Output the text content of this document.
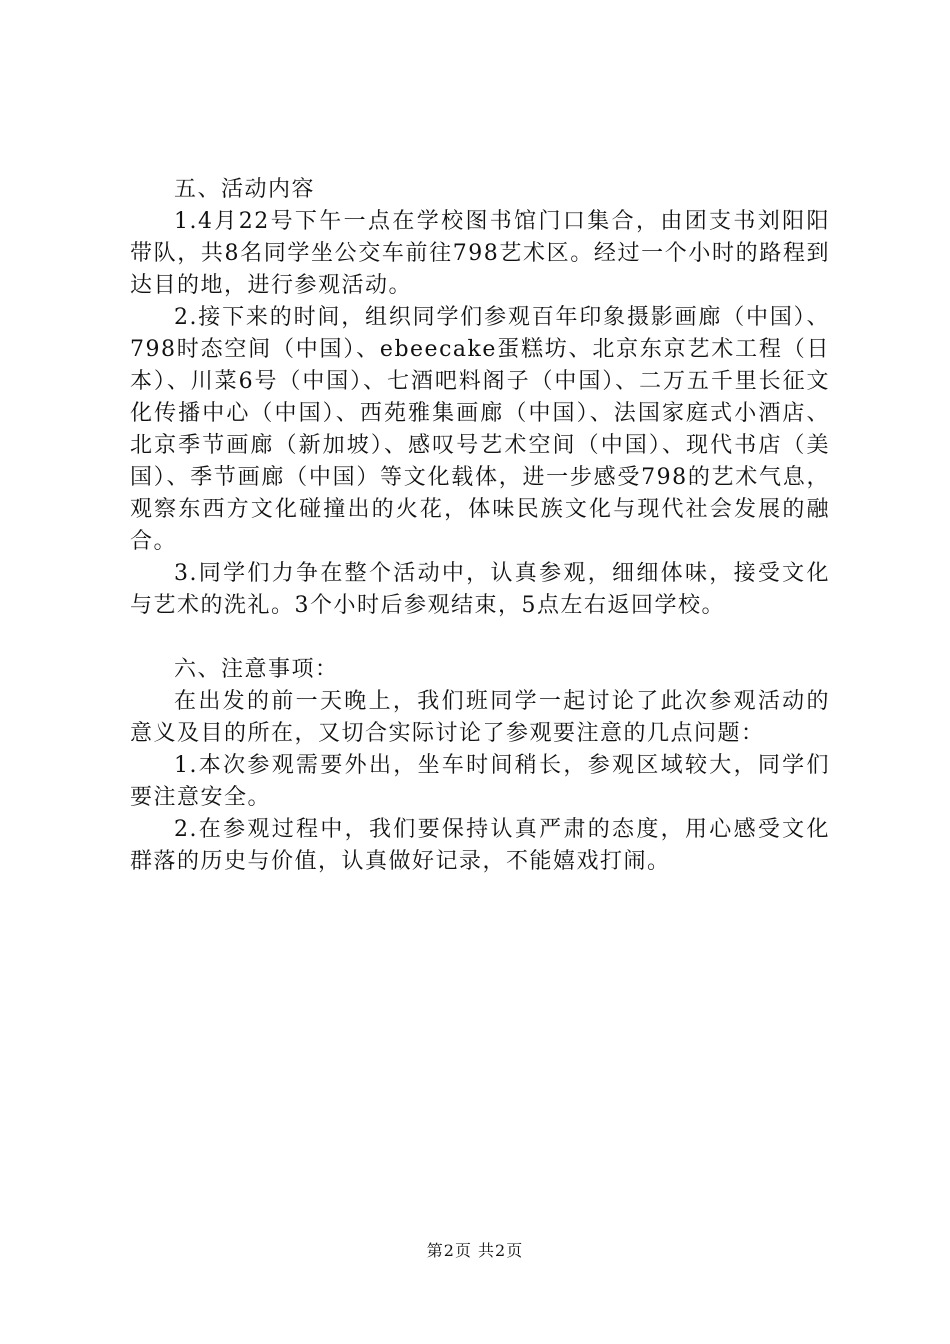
五、活动内容

1.4月22号下午一点在学校图书馆门口集合，由团支书刘阳阳带队，共8名同学坐公交车前往798艺术区。经过一个小时的路程到达目的地，进行参观活动。

2.接下来的时间，组织同学们参观百年印象摄影画廊（中国）、798时态空间（中国）、ebeecake蛋糕坊、北京东京艺术工程（日本）、川菜6号（中国）、七酒吧料阁子（中国）、二万五千里长征文化传播中心（中国）、西苑雅集画廊（中国）、法国家庭式小酒店、北京季节画廊（新加坡）、感叹号艺术空间（中国）、现代书店（美国）、季节画廊（中国）等文化载体，进一步感受798的艺术气息，观察东西方文化碰撞出的火花，体味民族文化与现代社会发展的融合。

3.同学们力争在整个活动中，认真参观，细细体味，接受文化与艺术的洗礼。3个小时后参观结束，5点左右返回学校。

六、注意事项：

在出发的前一天晚上，我们班同学一起讨论了此次参观活动的意义及目的所在，又切合实际讨论了参观要注意的几点问题：

1.本次参观需要外出，坐车时间稍长，参观区域较大，同学们要注意安全。

2.在参观过程中，我们要保持认真严肃的态度，用心感受文化群落的历史与价值，认真做好记录，不能嬉戏打闹。

第2页 共2页
